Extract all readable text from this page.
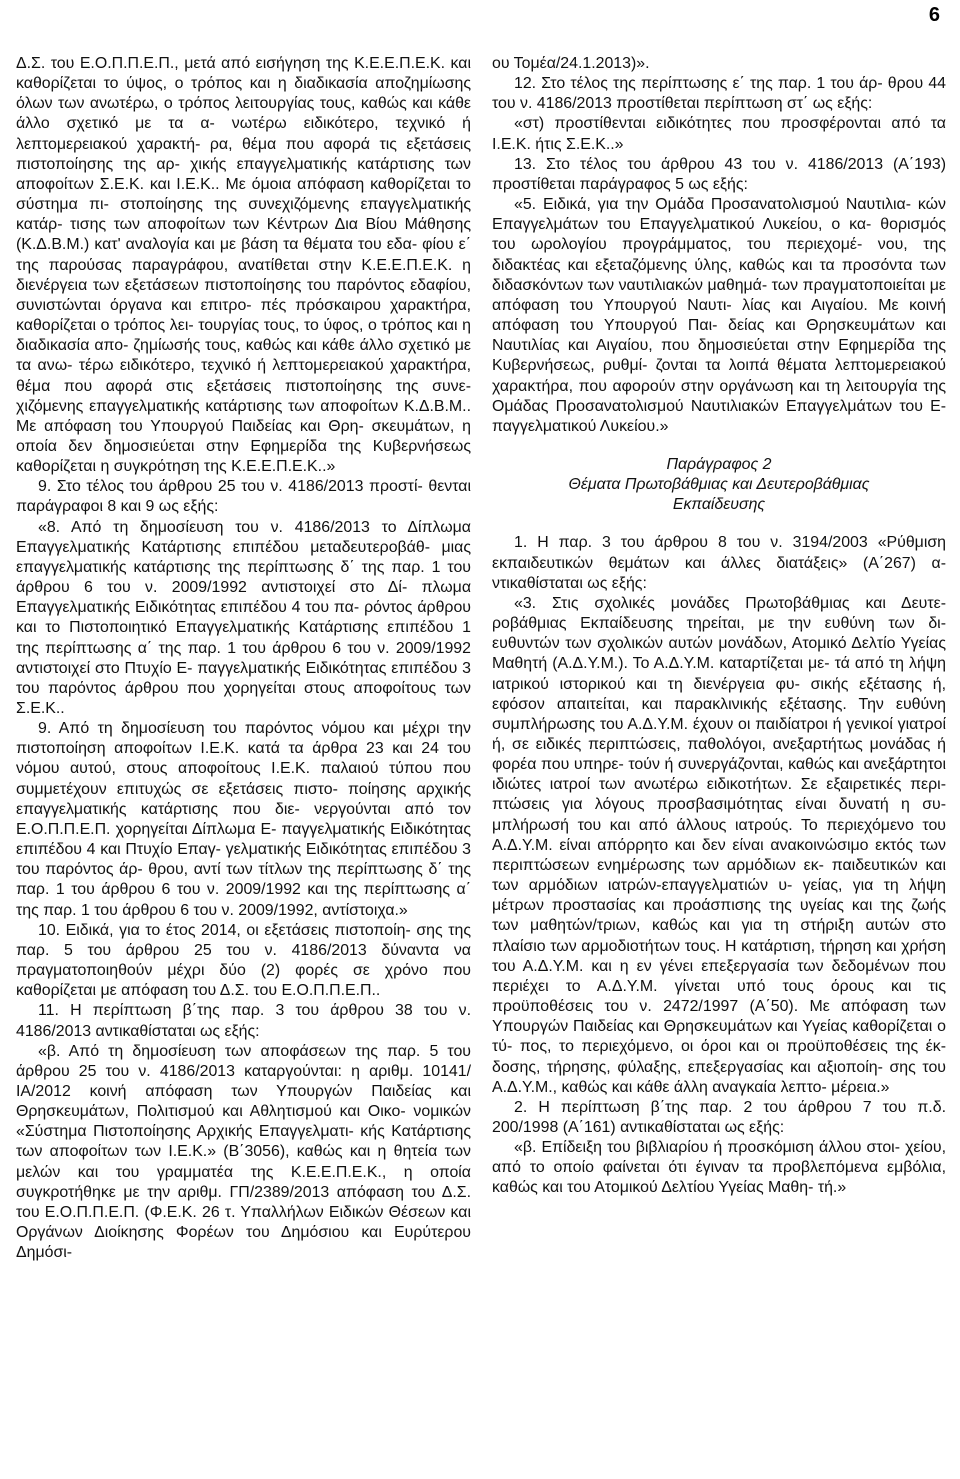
6

Δ.Σ. του Ε.Ο.Π.Π.Ε.Π., μετά από εισήγηση της Κ.Ε.Ε.Π.Ε.Κ. και καθορίζεται το ύψος, ο τρόπος και η διαδικασία αποζημίωσης όλων των ανωτέρω, ο τρόπος λειτουργίας τους, καθώς και κάθε άλλο σχετικό με τα α- νωτέρω ειδικότερο, τεχνικό ή λεπτομερειακού χαρακτή- ρα, θέμα που αφορά τις εξετάσεις πιστοποίησης της αρ- χικής επαγγελματικής κατάρτισης των αποφοίτων Σ.Ε.Κ. και Ι.Ε.Κ.. Με όμοια απόφαση καθορίζεται το σύστημα πι- στοποίησης της συνεχιζόμενης επαγγελματικής κατάρ- τισης των αποφοίτων των Κέντρων Δια Βίου Μάθησης (Κ.Δ.Β.Μ.) κατ' αναλογία και με βάση τα θέματα του εδα- φίου ε΄ της παρούσας παραγράφου, ανατίθεται στην Κ.Ε.Ε.Π.Ε.Κ. η διενέργεια των εξετάσεων πιστοποίησης του παρόντος εδαφίου, συνιστώνται όργανα και επιτρο- πές πρόσκαιρου χαρακτήρα, καθορίζεται ο τρόπος λει- τουργίας τους, το ύφος, ο τρόπος και η διαδικασία απο- ζημίωσής τους, καθώς και κάθε άλλο σχετικό με τα ανω- τέρω ειδικότερο, τεχνικό ή λεπτομερειακού χαρακτήρα, θέμα που αφορά στις εξετάσεις πιστοποίησης της συνε- χιζόμενης επαγγελματικής κατάρτισης των αποφοίτων Κ.Δ.Β.Μ.. Με απόφαση του Υπουργού Παιδείας και Θρη- σκευμάτων, η οποία δεν δημοσιεύεται στην Εφημερίδα της Κυβερνήσεως καθορίζεται η συγκρότηση της Κ.Ε.Ε.Π.Ε.Κ..»

9. Στο τέλος του άρθρου 25 του ν. 4186/2013 προστί- θενται παράγραφοι 8 και 9 ως εξής:

«8. Από τη δημοσίευση του ν. 4186/2013 το Δίπλωμα Επαγγελματικής Κατάρτισης επιπέδου μεταδευτεροβάθ- μιας επαγγελματικής κατάρτισης της περίπτωσης δ΄ της παρ. 1 του άρθρου 6 του ν. 2009/1992 αντιστοιχεί στο Δί- πλωμα Επαγγελματικής Ειδικότητας επιπέδου 4 του πα- ρόντος άρθρου και το Πιστοποιητικό Επαγγελματικής Κατάρτισης επιπέδου 1 της περίπτωσης α΄ της παρ. 1 του άρθρου 6 του ν. 2009/1992 αντιστοιχεί στο Πτυχίο Ε- παγγελματικής Ειδικότητας επιπέδου 3 του παρόντος άρθρου που χορηγείται στους αποφοίτους των Σ.Ε.Κ..

9. Από τη δημοσίευση του παρόντος νόμου και μέχρι την πιστοποίηση αποφοίτων Ι.Ε.Κ. κατά τα άρθρα 23 και 24 του νόμου αυτού, στους αποφοίτους Ι.Ε.Κ. παλαιού τύπου που συμμετέχουν επιτυχώς σε εξετάσεις πιστο- ποίησης αρχικής επαγγελματικής κατάρτισης που διε- νεργούνται από τον Ε.Ο.Π.Π.Ε.Π. χορηγείται Δίπλωμα Ε- παγγελματικής Ειδικότητας επιπέδου 4 και Πτυχίο Επαγ- γελματικής Ειδικότητας επιπέδου 3 του παρόντος άρ- θρου, αντί των τίτλων της περίπτωσης δ΄ της παρ. 1 του άρθρου 6 του ν. 2009/1992 και της περίπτωσης α΄ της παρ. 1 του άρθρου 6 του ν. 2009/1992, αντίστοιχα.»

10. Ειδικά, για το έτος 2014, οι εξετάσεις πιστοποίη- σης της παρ. 5 του άρθρου 25 του ν. 4186/2013 δύναντα να πραγματοποιηθούν μέχρι δύο (2) φορές σε χρόνο που καθορίζεται με απόφαση του Δ.Σ. του Ε.Ο.Π.Π.Ε.Π..

11. Η περίπτωση β΄της παρ. 3 του άρθρου 38 του ν. 4186/2013 αντικαθίσταται ως εξής:

«β. Από τη δημοσίευση των αποφάσεων της παρ. 5 του άρθρου 25 του ν. 4186/2013 καταργούνται: η αριθμ. 10141/ΙΑ/2012 κοινή απόφαση των Υπουργών Παιδείας και Θρησκευμάτων, Πολιτισμού και Αθλητισμού και Οικο- νομικών «Σύστημα Πιστοποίησης Αρχικής Επαγγελματι- κής Κατάρτισης των αποφοίτων των Ι.Ε.Κ.» (Β΄3056), καθώς και η θητεία των μελών και του γραμματέα της Κ.Ε.Ε.Π.Ε.Κ., η οποία συγκροτήθηκε με την αριθμ. ΓΠ/2389/2013 απόφαση του Δ.Σ. του Ε.Ο.Π.Π.Ε.Π. (Φ.Ε.Κ. 26 τ. Υπαλλήλων Ειδικών Θέσεων και Οργάνων Διοίκησης Φορέων του Δημόσιου και Ευρύτερου Δημόσι-

ου Τομέα/24.1.2013)».

12. Στο τέλος της περίπτωσης ε΄ της παρ. 1 του άρ- θρου 44 του ν. 4186/2013 προστίθεται περίπτωση στ΄ ως εξής:

«στ) προστίθενται ειδικότητες που προσφέρονται από τα Ι.Ε.Κ. ήτις Σ.Ε.Κ..»

13. Στο τέλος του άρθρου 43 του ν. 4186/2013 (Α΄193) προστίθεται παράγραφος 5 ως εξής:

«5. Ειδικά, για την Ομάδα Προσανατολισμού Ναυτιλια- κών Επαγγελμάτων του Επαγγελματικού Λυκείου, ο κα- θορισμός του ωρολογίου προγράμματος, του περιεχομέ- νου, της διδακτέας και εξεταζόμενης ύλης, καθώς και τα προσόντα των διδασκόντων των ναυτιλιακών μαθημά- των πραγματοποιείται με απόφαση του Υπουργού Ναυτι- λίας και Αιγαίου. Με κοινή απόφαση του Υπουργού Παι- δείας και Θρησκευμάτων και Ναυτιλίας και Αιγαίου, που δημοσιεύεται στην Εφημερίδα της Κυβερνήσεως, ρυθμί- ζονται τα λοιπά θέματα λεπτομερειακού χαρακτήρα, που αφορούν στην οργάνωση και τη λειτουργία της Ομάδας Προσανατολισμού Ναυτιλιακών Επαγγελμάτων του Ε- παγγελματικού Λυκείου.»

Παράγραφος 2

Θέματα Πρωτοβάθμιας και Δευτεροβάθμιας

Εκπαίδευσης

1. Η παρ. 3 του άρθρου 8 του ν. 3194/2003 «Ρύθμιση εκπαιδευτικών θεμάτων και άλλες διατάξεις» (Α΄267) α- ντικαθίσταται ως εξής:

«3. Στις σχολικές μονάδες Πρωτοβάθμιας και Δευτε- ροβάθμιας Εκπαίδευσης τηρείται, με την ευθύνη των δι- ευθυντών των σχολικών αυτών μονάδων, Ατομικό Δελτίο Υγείας Μαθητή (Α.Δ.Υ.Μ.). Το Α.Δ.Υ.Μ. καταρτίζεται με- τά από τη λήψη ιατρικού ιστορικού και τη διενέργεια φυ- σικής εξέτασης ή, εφόσον απαιτείται, και παρακλινικής εξέτασης. Την ευθύνη συμπλήρωσης του Α.Δ.Υ.Μ. έχουν οι παιδίατροι ή γενικοί γιατροί ή, σε ειδικές περιπτώσεις, παθολόγοι, ανεξαρτήτως μονάδας ή φορέα που υπηρε- τούν ή συνεργάζονται, καθώς και ανεξάρτητοι ιδιώτες ιατροί των ανωτέρω ειδικοτήτων. Σε εξαιρετικές περι- πτώσεις για λόγους προσβασιμότητας είναι δυνατή η συ- μπλήρωσή του και από άλλους ιατρούς. Το περιεχόμενο του Α.Δ.Υ.Μ. είναι απόρρητο και δεν είναι ανακοινώσιμο εκτός των περιπτώσεων ενημέρωσης των αρμόδιων εκ- παιδευτικών και των αρμόδιων ιατρών-επαγγελματιών υ- γείας, για τη λήψη μέτρων προστασίας και προάσπισης της υγείας και της ζωής των μαθητών/τριων, καθώς και για τη στήριξη αυτών στο πλαίσιο των αρμοδιοτήτων τους. Η κατάρτιση, τήρηση και χρήση του Α.Δ.Υ.Μ. και η εν γένει επεξεργασία των δεδομένων που περιέχει το Α.Δ.Υ.Μ. γίνεται υπό τους όρους και τις προϋποθέσεις του ν. 2472/1997 (Α΄50). Με απόφαση των Υπουργών Παιδείας και Θρησκευμάτων και Υγείας καθορίζεται ο τύ- πος, το περιεχόμενο, οι όροι και οι προϋποθέσεις της έκ- δοσης, τήρησης, φύλαξης, επεξεργασίας και αξιοποίη- σης του Α.Δ.Υ.Μ., καθώς και κάθε άλλη αναγκαία λεπτο- μέρεια.»

2. Η περίπτωση β΄της παρ. 2 του άρθρου 7 του π.δ. 200/1998 (Α΄161) αντικαθίσταται ως εξής:

«β. Επίδειξη του βιβλιαρίου ή προσκόμιση άλλου στοι- χείου, από το οποίο φαίνεται ότι έγιναν τα προβλεπόμενα εμβόλια, καθώς και του Ατομικού Δελτίου Υγείας Μαθη- τή.»
